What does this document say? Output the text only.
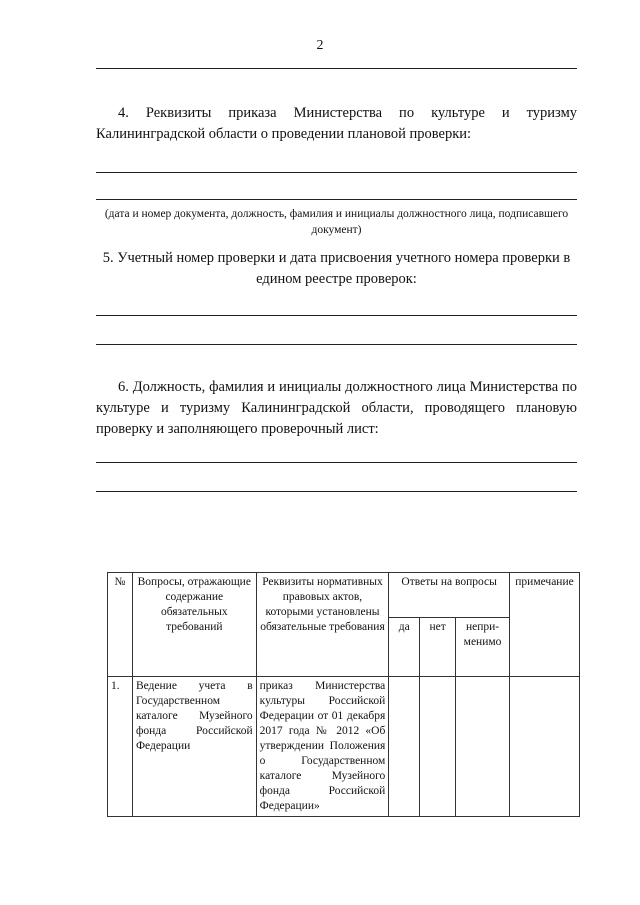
2
4. Реквизиты приказа Министерства по культуре и туризму Калининградской области о проведении плановой проверки:
(дата и номер документа, должность, фамилия и инициалы должностного лица, подписавшего документ)
5. Учетный номер проверки и дата присвоения учетного номера проверки в едином реестре проверок:
6. Должность, фамилия и инициалы должностного лица Министерства по культуре и туризму Калининградской области, проводящего плановую проверку и заполняющего проверочный лист:
№	Вопросы, отражающие содержание обязательных требований	Реквизиты нормативных правовых актов, которыми установлены обязательные требования	Ответы на вопросы			примечание
			да	нет	непри-менимо	
1.	Ведение учета в Государственном каталоге Музейного фонда Российской Федерации	приказ Министерства культуры Российской Федерации от 01 декабря 2017 года № 2012 «Об утверждении Положения о Государственном каталоге Музейного фонда Российской Федерации»				
